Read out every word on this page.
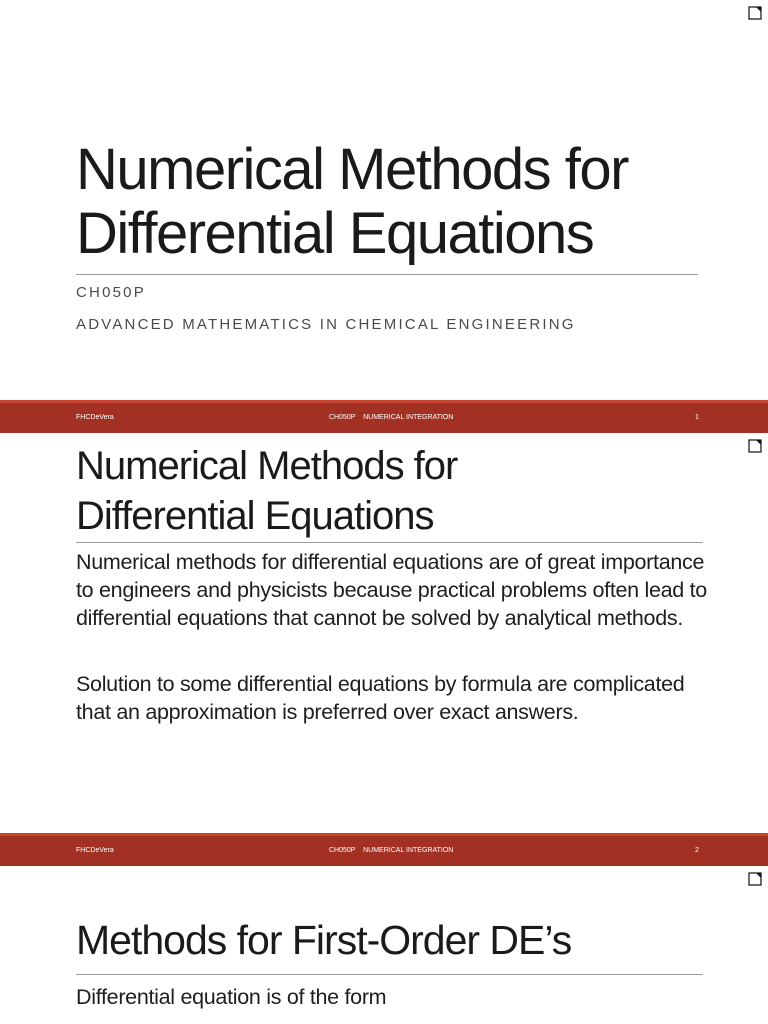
Numerical Methods for
Differential Equations
CH050P
ADVANCED MATHEMATICS IN CHEMICAL ENGINEERING
FHCDeVera	CH050P    NUMERICAL INTEGRATION	1
Numerical Methods for
Differential Equations

Numerical methods for differential equations are of great importance to engineers and physicists because practical problems often lead to differential equations that cannot be solved by analytical methods.

Solution to some differential equations by formula are complicated that an approximation is preferred over exact answers.

FHCDeVera	CH050P    NUMERICAL INTEGRATION	2
Methods for First-Order DE’s

Differential equation is of the form
